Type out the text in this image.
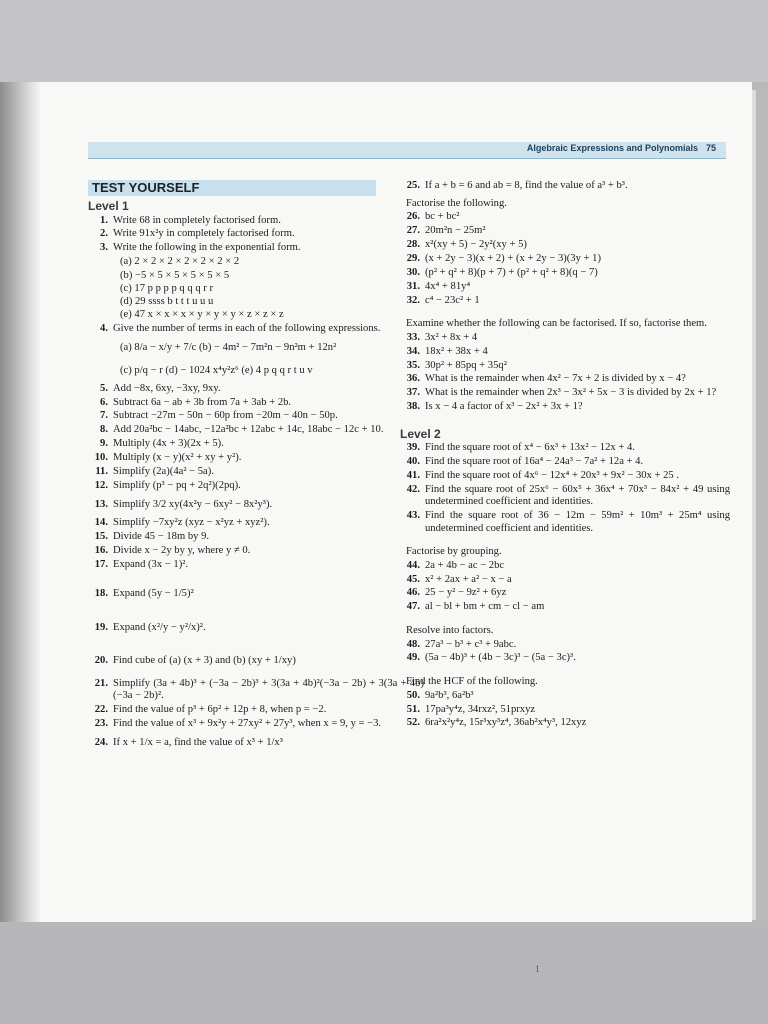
Algebraic Expressions and Polynomials 75
TEST YOURSELF
Level 1
1. Write 68 in completely factorised form.
2. Write 91x²y in completely factorised form.
3. Write the following in the exponential form.
(a) 2 × 2 × 2 × 2 × 2 × 2 × 2
(b) −5 × 5 × 5 × 5 × 5 × 5
(c) 17 p p p p q q q r r
(d) 29 ssss b t t t u u u
(e) 47 x × x × x × y × y × y × z × z × z
4. Give the number of terms in each of the following expressions.
(a) 8/a − x/y + 7/c (b) − 4m² − 7m²n − 9n²m + 12n²
(c) p/q − r (d) − 1024 x⁴y²z⁶ (e) 4 p q q r t u v
5. Add −8x, 6xy, −3xy, 9xy.
6. Subtract 6a − ab + 3b from 7a + 3ab + 2b.
7. Subtract −27m − 50n − 60p from −20m − 40n − 50p.
8. Add 20a²bc − 14abc, −12a²bc + 12abc + 14c, 18abc − 12c + 10.
9. Multiply (4x + 3)(2x + 5).
10. Multiply (x − y)(x² + xy + y²).
11. Simplify (2a)(4a² − 5a).
12. Simplify (p³ − pq + 2q²)(2pq).
13. Simplify 3/2 xy(4x²y − 6xy² − 8x²y³).
14. Simplify −7xy²z (xyz − x²yz + xyz²).
15. Divide 45 − 18m by 9.
16. Divide x − 2y by y, where y ≠ 0.
17. Expand (3x − 1)².
18. Expand (5y − 1/5)²
19. Expand (x²/y − y²/x)².
20. Find cube of (a) (x + 3) and (b) (xy + 1/xy)
21. Simplify (3a + 4b)³ + (−3a − 2b)³ + 3(3a + 4b)²(−3a − 2b) + 3(3a + 4b)(−3a − 2b)².
22. Find the value of p³ + 6p² + 12p + 8, when p = −2.
23. Find the value of x³ + 9x²y + 27xy² + 27y³, when x = 9, y = −3.
24. If x + 1/x = a, find the value of x³ + 1/x³
25. If a + b = 6 and ab = 8, find the value of a³ + b³.
Factorise the following.
26. bc + bc²
27. 20m²n − 25m²
28. x²(xy + 5) − 2y²(xy + 5)
29. (x + 2y − 3)(x + 2) + (x + 2y − 3)(3y + 1)
30. (p² + q² + 8)(p + 7) + (p² + q² + 8)(q − 7)
31. 4x⁴ + 81y⁴
32. c⁴ − 23c² + 1
Examine whether the following can be factorised. If so, factorise them.
33. 3x² + 8x + 4
34. 18x² + 38x + 4
35. 30p² + 85pq + 35q²
36. What is the remainder when 4x² − 7x + 2 is divided by x − 4?
37. What is the remainder when 2x³ − 3x² + 5x − 3 is divided by 2x + 1?
38. Is x − 4 a factor of x³ − 2x² + 3x + 1?
Level 2
39. Find the square root of x⁴ − 6x³ + 13x² − 12x + 4.
40. Find the square root of 16a⁴ − 24a³ − 7a² + 12a + 4.
41. Find the square root of 4x⁶ − 12x⁴ + 20x³ + 9x² − 30x + 25 .
42. Find the square root of 25x⁶ − 60x⁵ + 36x⁴ + 70x³ − 84x² + 49 using undetermined coefficient and identities.
43. Find the square root of 36 − 12m − 59m² + 10m³ + 25m⁴ using undetermined coefficient and identities.
Factorise by grouping.
44. 2a + 4b − ac − 2bc
45. x² + 2ax + a² − x − a
46. 25 − y² − 9z² + 6yz
47. al − bl + bm + cm − cl − am
Resolve into factors.
48. 27a³ − b³ + c³ + 9abc.
49. (5a − 4b)³ + (4b − 3c)³ − (5a − 3c)³.
Find the HCF of the following.
50. 9a²b³, 6a²b³
51. 17pa³y⁴z, 34rxz², 51prxyz
52. 6ra²x²y⁴z, 15r³xy³z⁴, 36ab²x⁴y³, 12xyz
1
